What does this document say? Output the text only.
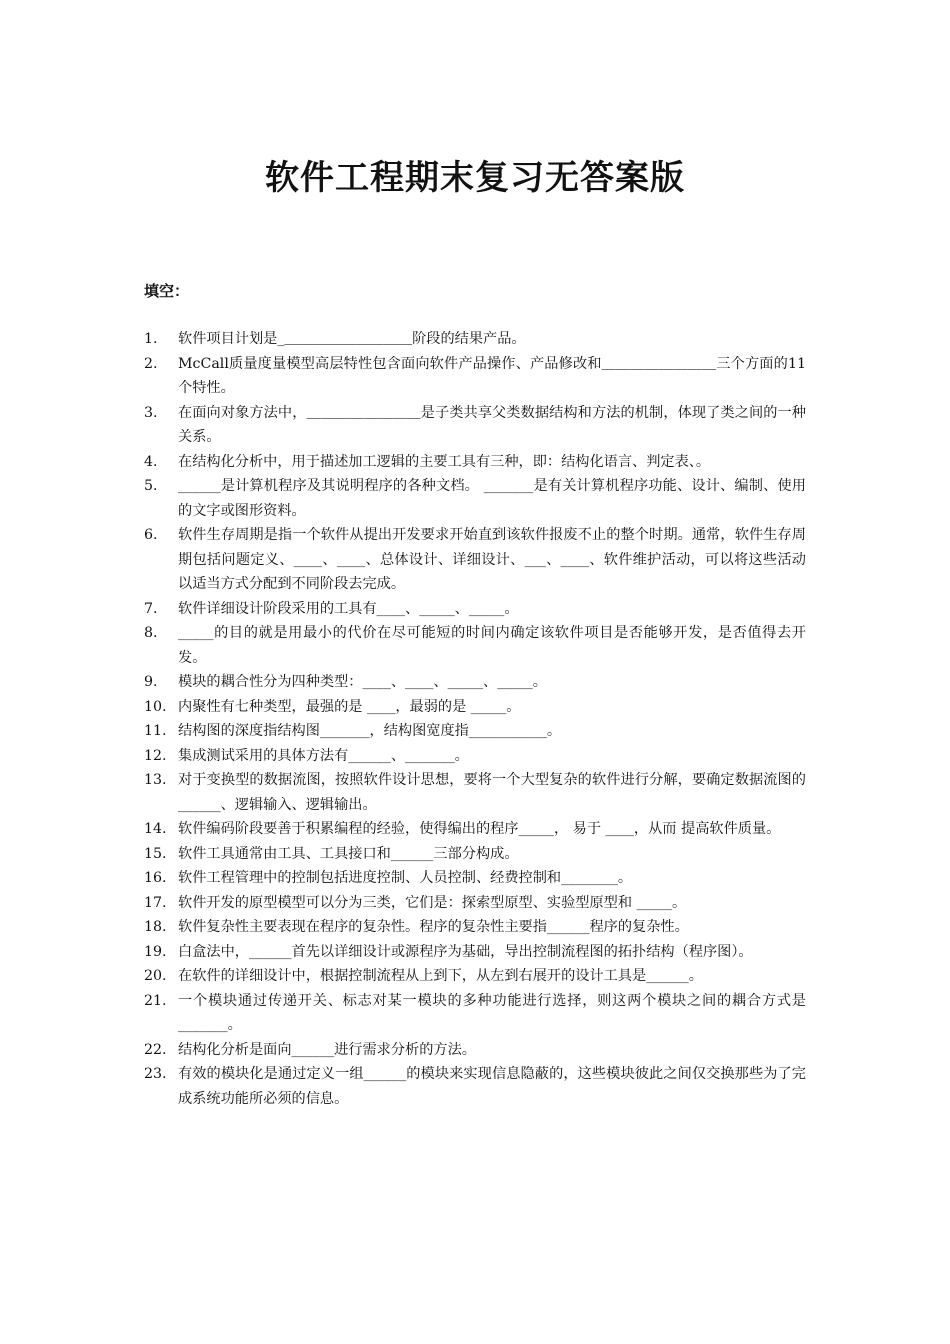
软件工程期末复习无答案版
填空：
1.	软件项目计划是_＿＿＿＿＿＿＿＿＿阶段的结果产品。
2.	McCall质量度量模型高层特性包含面向软件产品操作、产品修改和＿＿＿＿＿＿＿＿三个方面的11个特性。
3.	在面向对象方法中，＿＿＿＿＿＿＿＿是子类共享父类数据结构和方法的机制，体现了类之间的一种关系。
4.	在结构化分析中，用于描述加工逻辑的主要工具有三种，即：结构化语言、判定表、。
5.	______是计算机程序及其说明程序的各种文档。 _______是有关计算机程序功能、设计、编制、使用的文字或图形资料。
6.	软件生存周期是指一个软件从提出开发要求开始直到该软件报废不止的整个时期。通常，软件生存周期包括问题定义、____、____、总体设计、详细设计、___、____、软件维护活动，可以将这些活动以适当方式分配到不同阶段去完成。
7.	软件详细设计阶段采用的工具有____、_____、_____。
8.	_____的目的就是用最小的代价在尽可能短的时间内确定该软件项目是否能够开发，是否值得去开发。
9.	模块的耦合性分为四种类型：____、____、_____、_____。
10. 内聚性有七种类型，最强的是 ____，最弱的是 _____。
11. 结构图的深度指结构图_______，结构图宽度指___________。
12. 集成测试采用的具体方法有______、_______。
13. 对于变换型的数据流图，按照软件设计思想，要将一个大型复杂的软件进行分解，要确定数据流图的______、逻辑输入、逻辑输出。
14. 软件编码阶段要善于积累编程的经验，使得编出的程序_____， 易于 ____，从而 提高软件质量。
15. 软件工具通常由工具、工具接口和______三部分构成。
16. 软件工程管理中的控制包括进度控制、人员控制、经费控制和________。
17. 软件开发的原型模型可以分为三类，它们是：探索型原型、实验型原型和 _____。
18. 软件复杂性主要表现在程序的复杂性。程序的复杂性主要指______程序的复杂性。
19. 白盒法中，______首先以详细设计或源程序为基础，导出控制流程图的拓扑结构（程序图）。
20. 在软件的详细设计中，根据控制流程从上到下，从左到右展开的设计工具是______。
21. 一个模块通过传递开关、标志对某一模块的多种功能进行选择，则这两个模块之间的耦合方式是_______。
22. 结构化分析是面向______进行需求分析的方法。
23. 有效的模块化是通过定义一组______的模块来实现信息隐蔽的，这些模块彼此之间仅交换那些为了完成系统功能所必须的信息。
